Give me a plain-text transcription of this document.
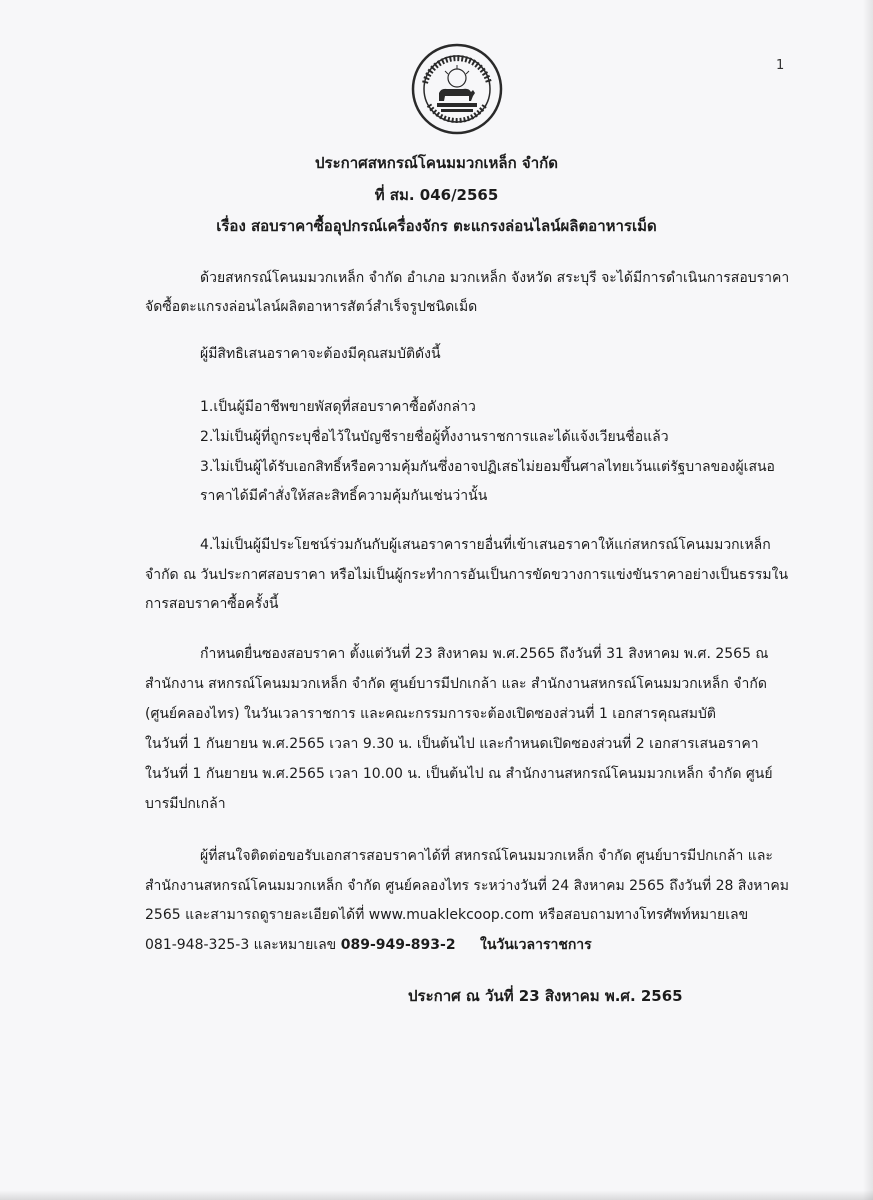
1
ประกาศสหกรณ์โคนมมวกเหล็ก จำกัด
ที่ สม. 046/2565
เรื่อง สอบราคาซื้ออุปกรณ์เครื่องจักร ตะแกรงล่อนไลน์ผลิตอาหารเม็ด
ด้วยสหกรณ์โคนมมวกเหล็ก จำกัด อำเภอ มวกเหล็ก จังหวัด สระบุรี จะได้มีการดำเนินการสอบราคา
จัดซื้อตะแกรงล่อนไลน์ผลิตอาหารสัตว์สำเร็จรูปชนิดเม็ด
ผู้มีสิทธิเสนอราคาจะต้องมีคุณสมบัติดังนี้
1.เป็นผู้มีอาชีพขายพัสดุที่สอบราคาซื้อดังกล่าว
2.ไม่เป็นผู้ที่ถูกระบุชื่อไว้ในบัญชีรายชื่อผู้ทิ้งงานราชการและได้แจ้งเวียนชื่อแล้ว
3.ไม่เป็นผู้ได้รับเอกสิทธิ์หรือความคุ้มกันซึ่งอาจปฏิเสธไม่ยอมขึ้นศาลไทยเว้นแต่รัฐบาลของผู้เสนอ
ราคาได้มีคำสั่งให้สละสิทธิ์ความคุ้มกันเช่นว่านั้น
4.ไม่เป็นผู้มีประโยชน์ร่วมกันกับผู้เสนอราคารายอื่นที่เข้าเสนอราคาให้แก่สหกรณ์โคนมมวกเหล็ก
จำกัด ณ วันประกาศสอบราคา หรือไม่เป็นผู้กระทำการอันเป็นการขัดขวางการแข่งขันราคาอย่างเป็นธรรมใน
การสอบราคาซื้อครั้งนี้
กำหนดยื่นซองสอบราคา ตั้งแต่วันที่ 23 สิงหาคม พ.ศ.2565 ถึงวันที่ 31 สิงหาคม พ.ศ. 2565 ณ
สำนักงาน สหกรณ์โคนมมวกเหล็ก จำกัด ศูนย์บารมีปกเกล้า และ สำนักงานสหกรณ์โคนมมวกเหล็ก จำกัด
(ศูนย์คลองไทร) ในวันเวลาราชการ และคณะกรรมการจะต้องเปิดซองส่วนที่ 1 เอกสารคุณสมบัติ
ในวันที่ 1 กันยายน พ.ศ.2565 เวลา 9.30 น. เป็นต้นไป และกำหนดเปิดซองส่วนที่ 2 เอกสารเสนอราคา
ในวันที่ 1 กันยายน พ.ศ.2565 เวลา 10.00 น. เป็นต้นไป ณ สำนักงานสหกรณ์โคนมมวกเหล็ก จำกัด ศูนย์
บารมีปกเกล้า
ผู้ที่สนใจติดต่อขอรับเอกสารสอบราคาได้ที่ สหกรณ์โคนมมวกเหล็ก จำกัด ศูนย์บารมีปกเกล้า และ
สำนักงานสหกรณ์โคนมมวกเหล็ก จำกัด ศูนย์คลองไทร ระหว่างวันที่ 24 สิงหาคม 2565 ถึงวันที่ 28 สิงหาคม
2565 และสามารถดูรายละเอียดได้ที่ www.muaklekcoop.com หรือสอบถามทางโทรศัพท์หมายเลข
081-948-325-3 และหมายเลข 089-949-893-2 ในวันเวลาราชการ
ประกาศ ณ วันที่ 23 สิงหาคม พ.ศ. 2565
